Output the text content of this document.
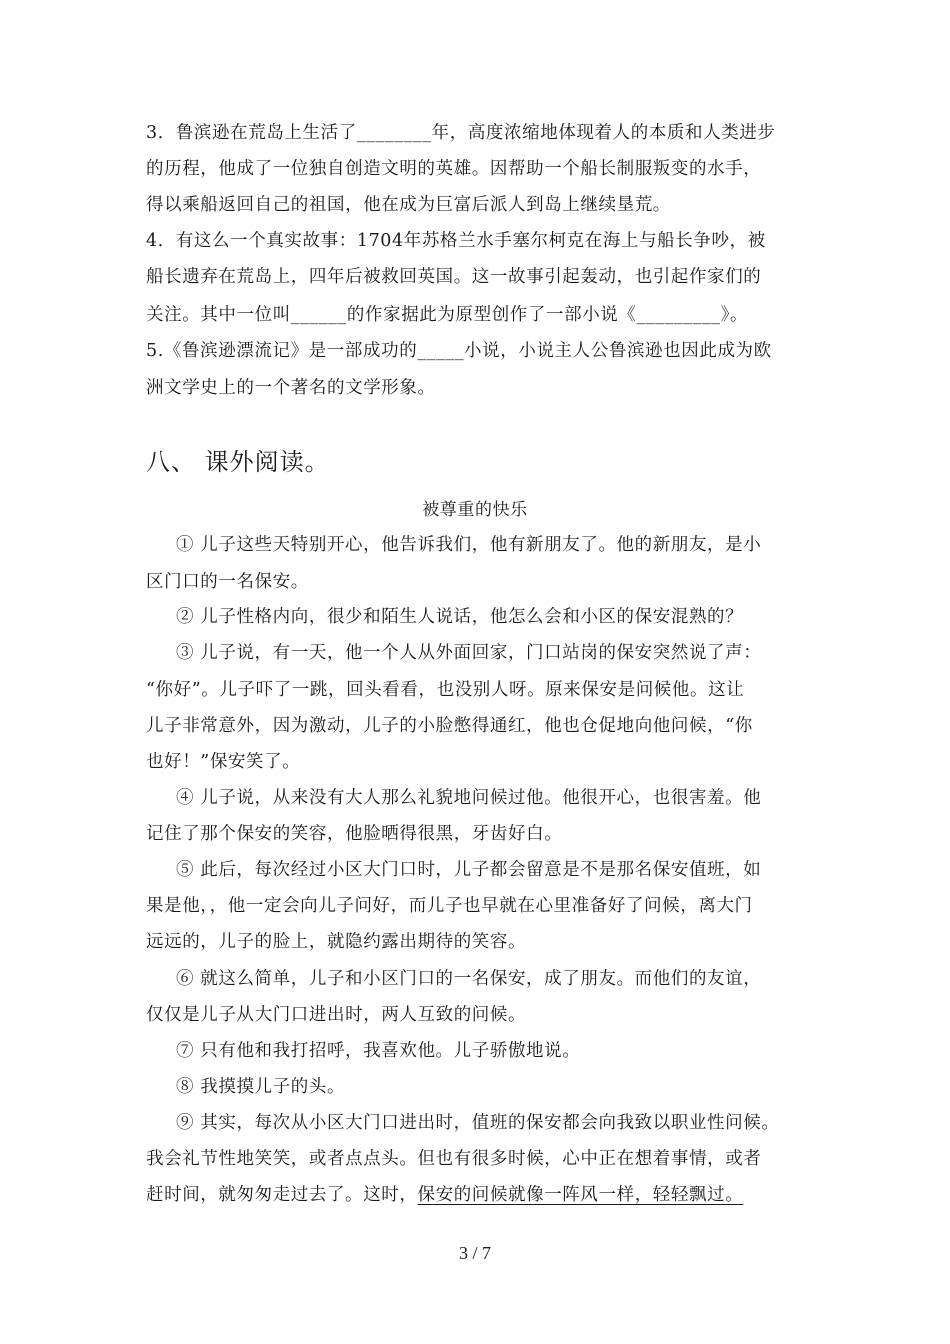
3．鲁滨逊在荒岛上生活了________年，高度浓缩地体现着人的本质和人类进步
的历程，他成了一位独自创造文明的英雄。因帮助一个船长制服叛变的水手，
得以乘船返回自己的祖国，他在成为巨富后派人到岛上继续垦荒。
4．有这么一个真实故事：1704年苏格兰水手塞尔柯克在海上与船长争吵，被
船长遗弃在荒岛上，四年后被救回英国。这一故事引起轰动，也引起作家们的
关注。其中一位叫______的作家据此为原型创作了一部小说《_________》。
5.《鲁滨逊漂流记》是一部成功的_____小说，小说主人公鲁滨逊也因此成为欧
洲文学史上的一个著名的文学形象。
八、 课外阅读。
被尊重的快乐
① 儿子这些天特别开心，他告诉我们，他有新朋友了。他的新朋友，是小
区门口的一名保安。
② 儿子性格内向，很少和陌生人说话，他怎么会和小区的保安混熟的？
③ 儿子说，有一天，他一个人从外面回家，门口站岗的保安突然说了声：
“你好”。儿子吓了一跳，回头看看，也没别人呀。原来保安是问候他。这让
儿子非常意外，因为激动，儿子的小脸憋得通红，他也仓促地向他问候，“你
也好！”保安笑了。
④ 儿子说，从来没有大人那么礼貌地问候过他。他很开心，也很害羞。他
记住了那个保安的笑容，他脸晒得很黑，牙齿好白。
⑤ 此后，每次经过小区大门口时，儿子都会留意是不是那名保安值班，如
果是他，，他一定会向儿子问好，而儿子也早就在心里准备好了问候，离大门
远远的，儿子的脸上，就隐约露出期待的笑容。
⑥ 就这么简单，儿子和小区门口的一名保安，成了朋友。而他们的友谊，
仅仅是儿子从大门口进出时，两人互致的问候。
⑦ 只有他和我打招呼，我喜欢他。儿子骄傲地说。
⑧ 我摸摸儿子的头。
⑨ 其实，每次从小区大门口进出时，值班的保安都会向我致以职业性问候。
我会礼节性地笑笑，或者点点头。但也有很多时候，心中正在想着事情，或者
赶时间，就匆匆走过去了。这时，保安的问候就像一阵风一样，轻轻飘过。
3 / 7
